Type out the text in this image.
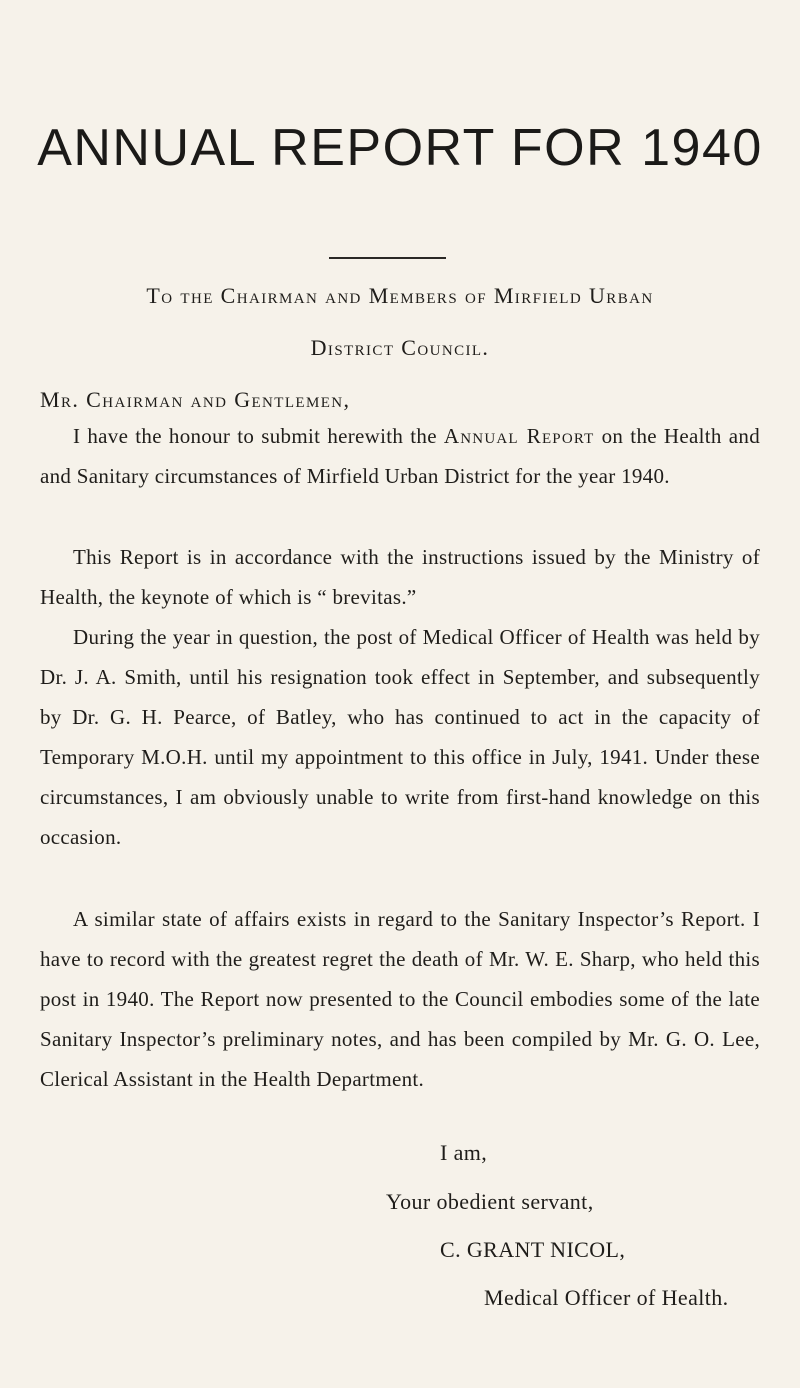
ANNUAL REPORT FOR 1940
To the Chairman and Members of Mirfield Urban
District Council.
Mr. Chairman and Gentlemen,

I have the honour to submit herewith the Annual Report on the Health and and Sanitary circumstances of Mirfield Urban District for the year 1940.

This Report is in accordance with the instructions issued by the Ministry of Health, the keynote of which is “ brevitas.”

During the year in question, the post of Medical Officer of Health was held by Dr. J. A. Smith, until his resignation took effect in September, and subsequently by Dr. G. H. Pearce, of Batley, who has continued to act in the capacity of Temporary M.O.H. until my appointment to this office in July, 1941. Under these circumstances, I am obviously unable to write from first-hand knowledge on this occasion.

A similar state of affairs exists in regard to the Sanitary Inspector’s Report. I have to record with the greatest regret the death of Mr. W. E. Sharp, who held this post in 1940. The Report now presented to the Council embodies some of the late Sanitary Inspector’s preliminary notes, and has been compiled by Mr. G. O. Lee, Clerical Assistant in the Health Department.

I am,
Your obedient servant,
C. GRANT NICOL,
Medical Officer of Health.
